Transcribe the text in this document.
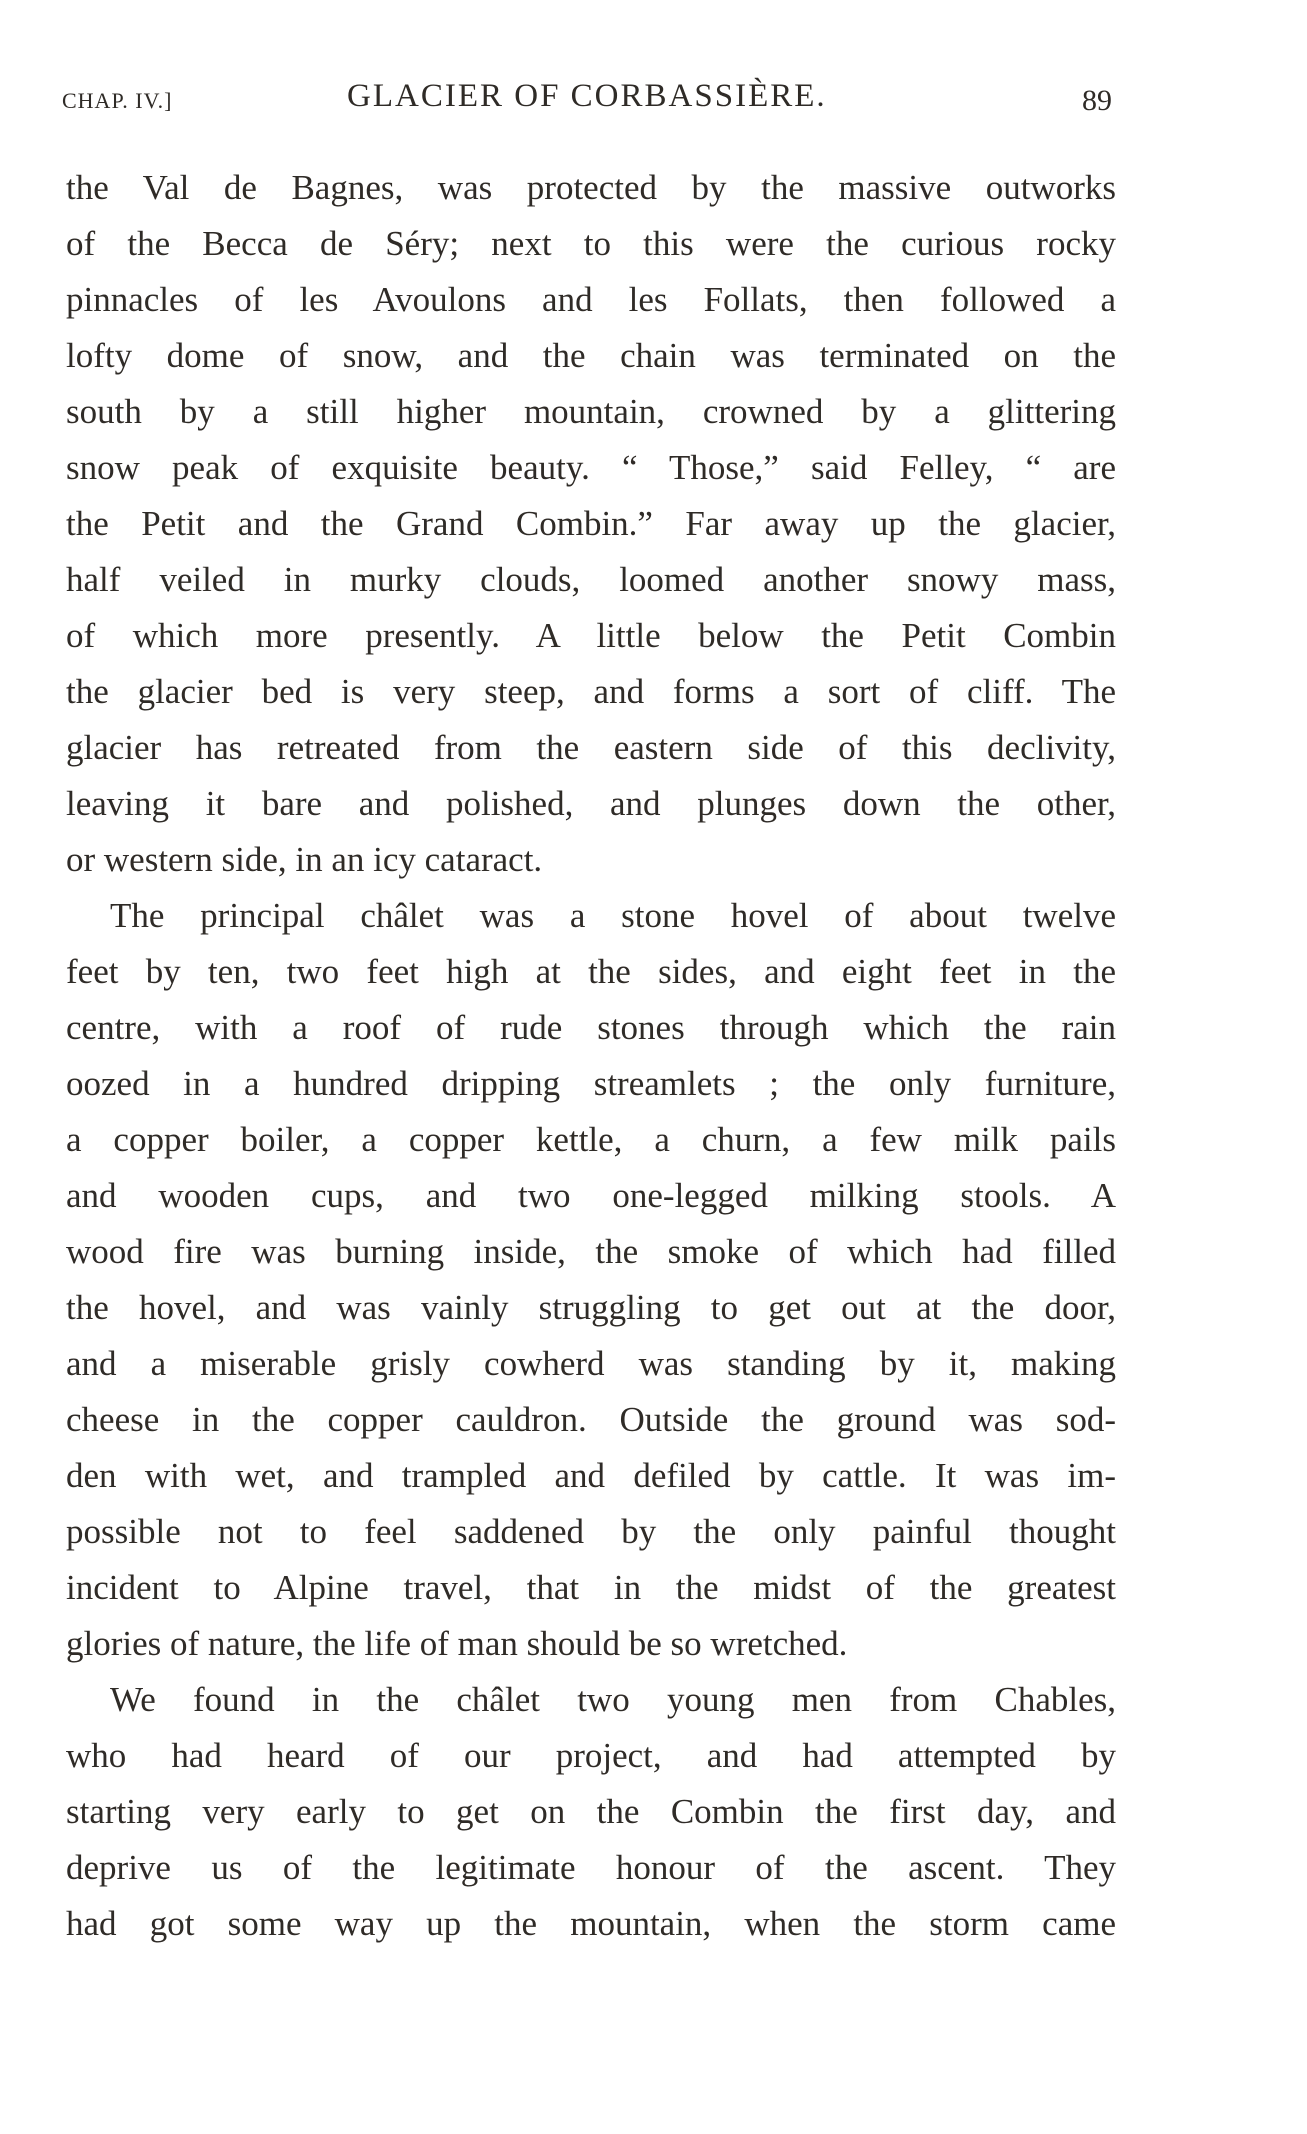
CHAP. IV.]	GLACIER OF CORBASSIÈRE.	89
the Val de Bagnes, was protected by the massive outworks
of the Becca de Séry; next to this were the curious rocky
pinnacles of les Avoulons and les Follats, then followed a
lofty dome of snow, and the chain was terminated on the
south by a still higher mountain, crowned by a glittering
snow peak of exquisite beauty. “ Those,” said Felley, “ are
the Petit and the Grand Combin.” Far away up the glacier,
half veiled in murky clouds, loomed another snowy mass,
of which more presently. A little below the Petit Combin
the glacier bed is very steep, and forms a sort of cliff. The
glacier has retreated from the eastern side of this declivity,
leaving it bare and polished, and plunges down the other,
or western side, in an icy cataract.
The principal châlet was a stone hovel of about twelve
feet by ten, two feet high at the sides, and eight feet in the
centre, with a roof of rude stones through which the rain
oozed in a hundred dripping streamlets ; the only furniture,
a copper boiler, a copper kettle, a churn, a few milk pails
and wooden cups, and two one-legged milking stools. A
wood fire was burning inside, the smoke of which had filled
the hovel, and was vainly struggling to get out at the door,
and a miserable grisly cowherd was standing by it, making
cheese in the copper cauldron. Outside the ground was sod-
den with wet, and trampled and defiled by cattle. It was im-
possible not to feel saddened by the only painful thought
incident to Alpine travel, that in the midst of the greatest
glories of nature, the life of man should be so wretched.
We found in the châlet two young men from Chables,
who had heard of our project, and had attempted by
starting very early to get on the Combin the first day, and
deprive us of the legitimate honour of the ascent. They
had got some way up the mountain, when the storm came
